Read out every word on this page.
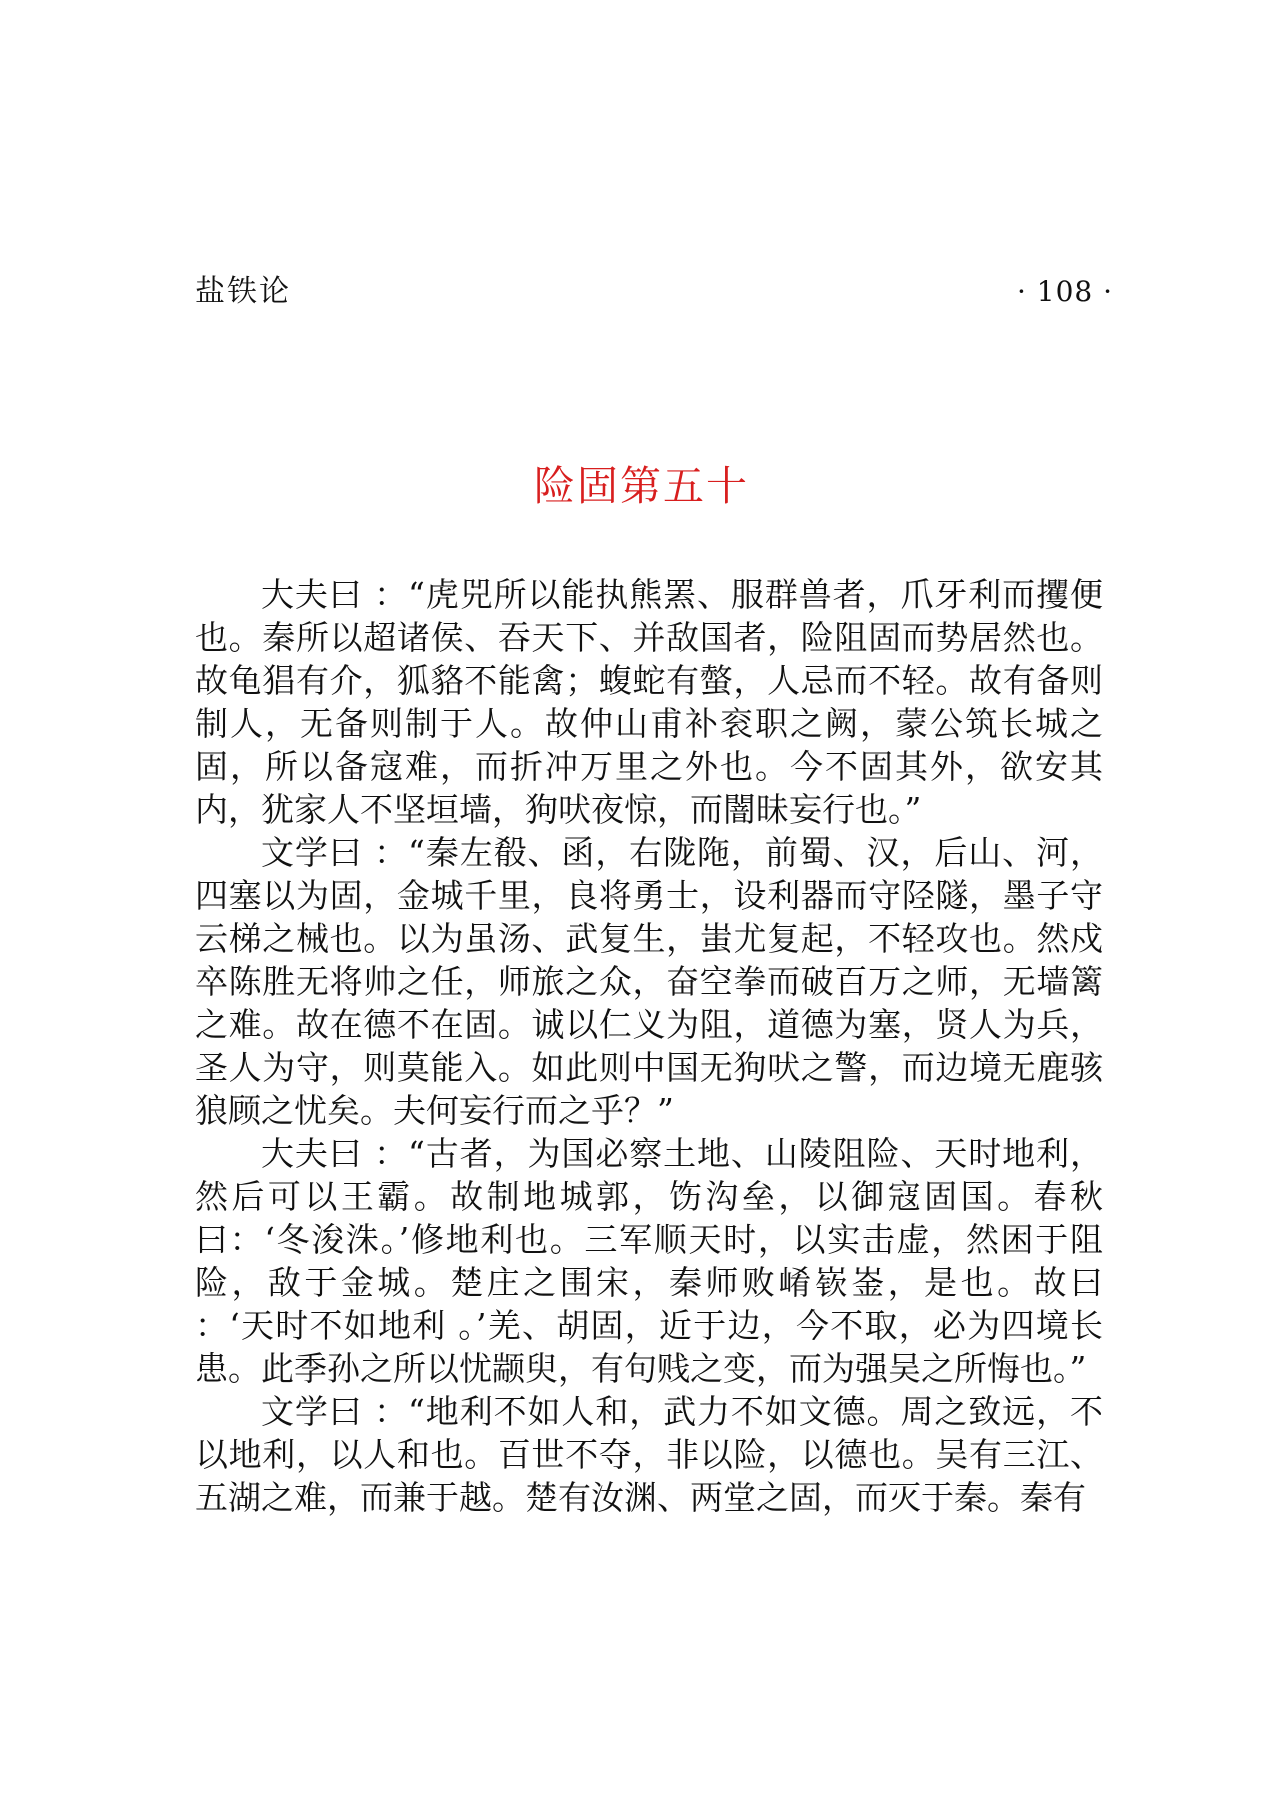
盐铁论	· 108 ·
险固第五十

大夫曰 ：“虎兕所以能执熊罴、服群兽者，爪牙利而攫便也。秦所以超诸侯、吞天下、并敌国者，险阻固而势居然也。故龟猖有介，狐貉不能禽；蝮蛇有螫，人忌而不轻。故有备则制人，无备则制于人。故仲山甫补衮职之阙，蒙公筑长城之固，所以备寇难，而折冲万里之外也。今不固其外，欲安其内，犹家人不坚垣墙，狗吠夜惊，而闇昧妄行也。”

文学曰 ：“秦左殽、函，右陇陁，前蜀、汉，后山、河，四塞以为固，金城千里，良将勇士，设利器而守陉隧，墨子守云梯之械也。以为虽汤、武复生，蚩尤复起，不轻攻也。然戍卒陈胜无将帅之任，师旅之众，奋空拳而破百万之师，无墙篱之难。故在德不在固。诚以仁义为阻，道德为塞，贤人为兵，圣人为守，则莫能入。如此则中国无狗吠之警，而边境无鹿骇狼顾之忧矣。夫何妄行而之乎？”

大夫曰 ：“古者，为国必察土地、山陵阻险、天时地利，然后可以王霸。故制地城郭，饬沟垒，以御寇固国。春秋曰：‘冬浚洙。’修地利也。三军顺天时，以实击虚，然困于阻险，敌于金城。楚庄之围宋，秦师败崤嵚崟，是也。故曰 ：‘天时不如地利 。’羌、胡固，近于边，今不取，必为四境长患。此季孙之所以忧颛臾，有句贱之变，而为强吴之所悔也。”

文学曰 ：“地利不如人和，武力不如文德。周之致远，不以地利，以人和也。百世不夺，非以险，以德也。吴有三江、五湖之难，而兼于越。楚有汝渊、两堂之固，而灭于秦。秦有
